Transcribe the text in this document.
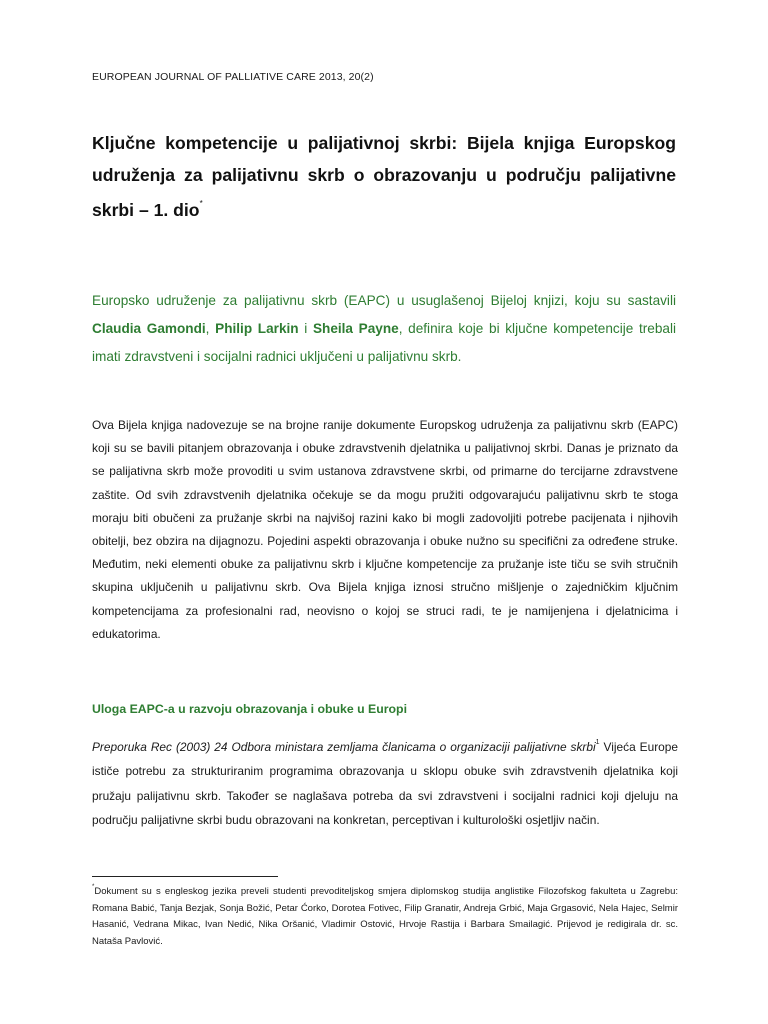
EUROPEAN JOURNAL OF PALLIATIVE CARE 2013, 20(2)
Ključne kompetencije u palijativnoj skrbi: Bijela knjiga Europskog udruženja za palijativnu skrb o obrazovanju u području palijativne skrbi – 1. dio*
Europsko udruženje za palijativnu skrb (EAPC) u usuglašenoj Bijeloj knjizi, koju su sastavili Claudia Gamondi, Philip Larkin i Sheila Payne, definira koje bi ključne kompetencije trebali imati zdravstveni i socijalni radnici uključeni u palijativnu skrb.
Ova Bijela knjiga nadovezuje se na brojne ranije dokumente Europskog udruženja za palijativnu skrb (EAPC) koji su se bavili pitanjem obrazovanja i obuke zdravstvenih djelatnika u palijativnoj skrbi. Danas je priznato da se palijativna skrb može provoditi u svim ustanova zdravstvene skrbi, od primarne do tercijarne zdravstvene zaštite. Od svih zdravstvenih djelatnika očekuje se da mogu pružiti odgovarajuću palijativnu skrb te stoga moraju biti obučeni za pružanje skrbi na najvišoj razini kako bi mogli zadovoljiti potrebe pacijenata i njihovih obitelji, bez obzira na dijagnozu. Pojedini aspekti obrazovanja i obuke nužno su specifični za određene struke. Međutim, neki elementi obuke za palijativnu skrb i ključne kompetencije za pružanje iste tiču se svih stručnih skupina uključenih u palijativnu skrb. Ova Bijela knjiga iznosi stručno mišljenje o zajedničkim ključnim kompetencijama za profesionalni rad, neovisno o kojoj se struci radi, te je namijenjena i djelatnicima i edukatorima.
Uloga EAPC-a u razvoju obrazovanja i obuke u Europi
Preporuka Rec (2003) 24 Odbora ministara zemljama članicama o organizaciji palijativne skrbi$^1$ Vijeća Europe ističe potrebu za strukturiranim programima obrazovanja u sklopu obuke svih zdravstvenih djelatnika koji pružaju palijativnu skrb. Također se naglašava potreba da svi zdravstveni i socijalni radnici koji djeluju na području palijativne skrbi budu obrazovani na konkretan, perceptivan i kulturološki osjetljiv način.
*Dokument su s engleskog jezika preveli studenti prevoditeljskog smjera diplomskog studija anglistike Filozofskog fakulteta u Zagrebu: Romana Babić, Tanja Bezjak, Sonja Božić, Petar Ćorko, Dorotea Fotivec, Filip Granatir, Andreja Grbić, Maja Grgasović, Nela Hajec, Selmir Hasanić, Vedrana Mikac, Ivan Nedić, Nika Oršanić, Vladimir Ostović, Hrvoje Rastija i Barbara Smailagić. Prijevod je redigirala dr. sc. Nataša Pavlović.
